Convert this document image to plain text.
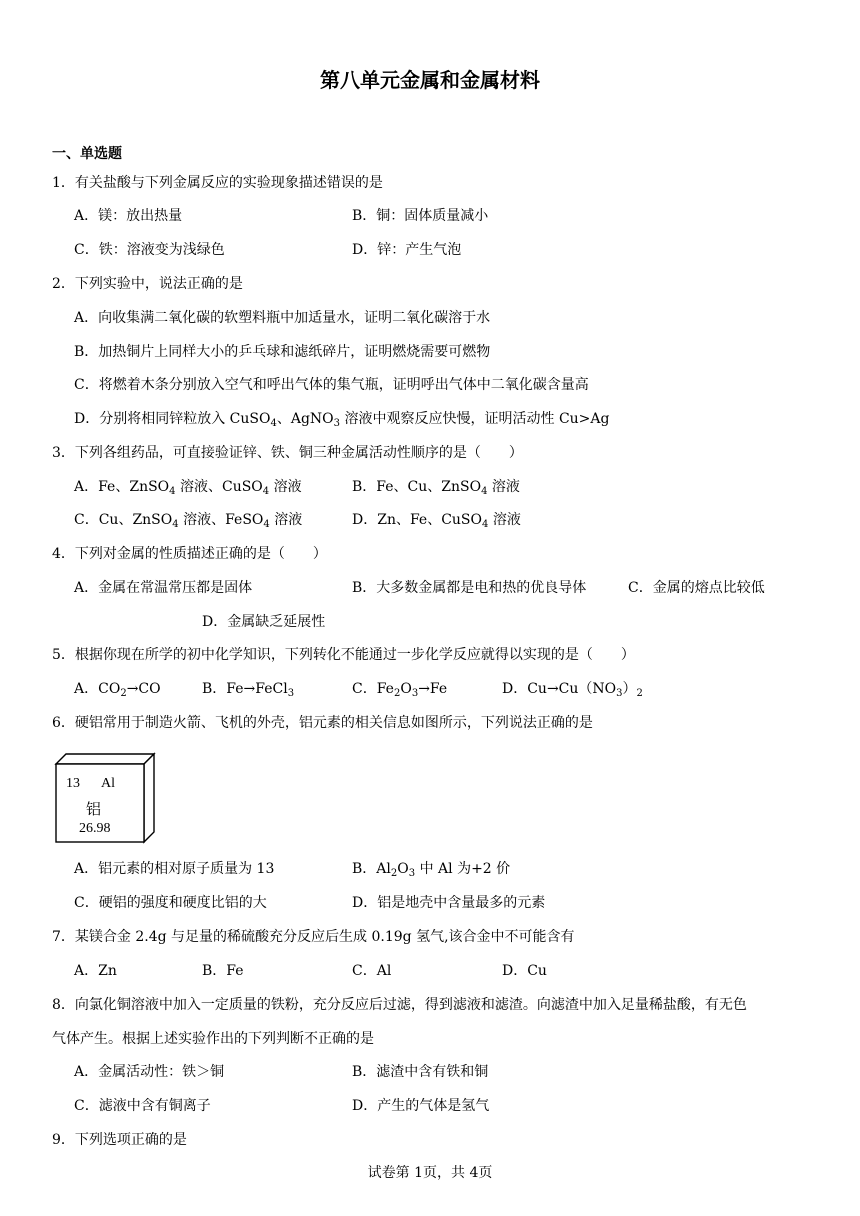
第八单元金属和金属材料
一、单选题
1．有关盐酸与下列金属反应的实验现象描述错误的是
A．镁：放出热量	B．铜：固体质量减小
C．铁：溶液变为浅绿色	D．锌：产生气泡
2．下列实验中，说法正确的是
A．向收集满二氧化碳的软塑料瓶中加适量水，证明二氧化碳溶于水
B．加热铜片上同样大小的乒乓球和滤纸碎片，证明燃烧需要可燃物
C．将燃着木条分别放入空气和呼出气体的集气瓶，证明呼出气体中二氧化碳含量高
D．分别将相同锌粒放入 CuSO$_4$、AgNO$_3$ 溶液中观察反应快慢，证明活动性 Cu>Ag
3．下列各组药品，可直接验证锌、铁、铜三种金属活动性顺序的是（　　）
A．Fe、ZnSO$_4$ 溶液、CuSO$_4$ 溶液	B．Fe、Cu、ZnSO$_4$ 溶液
C．Cu、ZnSO$_4$ 溶液、FeSO$_4$ 溶液	D．Zn、Fe、CuSO$_4$ 溶液
4．下列对金属的性质描述正确的是（　　）
A．金属在常温常压都是固体	B．大多数金属都是电和热的优良导体	C．金属的熔点比较低
D．金属缺乏延展性
5．根据你现在所学的初中化学知识，下列转化不能通过一步化学反应就得以实现的是（　　）
A．$CO_2\to CO$	B．Fe→FeCl$_3$	C．$Fe_2O_3\to Fe$	D．$Cu\to Cu(NO_3)_2$
6．硬铝常用于制造火箭、飞机的外壳，铝元素的相关信息如图所示，下列说法正确的是
13 Al
铝
26.98
A．铝元素的相对原子质量为 13	B．$Al_2O_3$ 中 Al 为+2 价
C．硬铝的强度和硬度比铝的大	D．铝是地壳中含量最多的元素
7．某镁合金 2.4g 与足量的稀硫酸充分反应后生成 0.19g 氢气,该合金中不可能含有
A．Zn	B．Fe	C．Al	D．Cu
8．向氯化铜溶液中加入一定质量的铁粉，充分反应后过滤，得到滤液和滤渣。向滤渣中加入足量稀盐酸，有无色
气体产生。根据上述实验作出的下列判断不正确的是
A．金属活动性：铁＞铜	B．滤渣中含有铁和铜
C．滤液中含有铜离子	D．产生的气体是氢气
9．下列选项正确的是
试卷第 1页，共 4页
